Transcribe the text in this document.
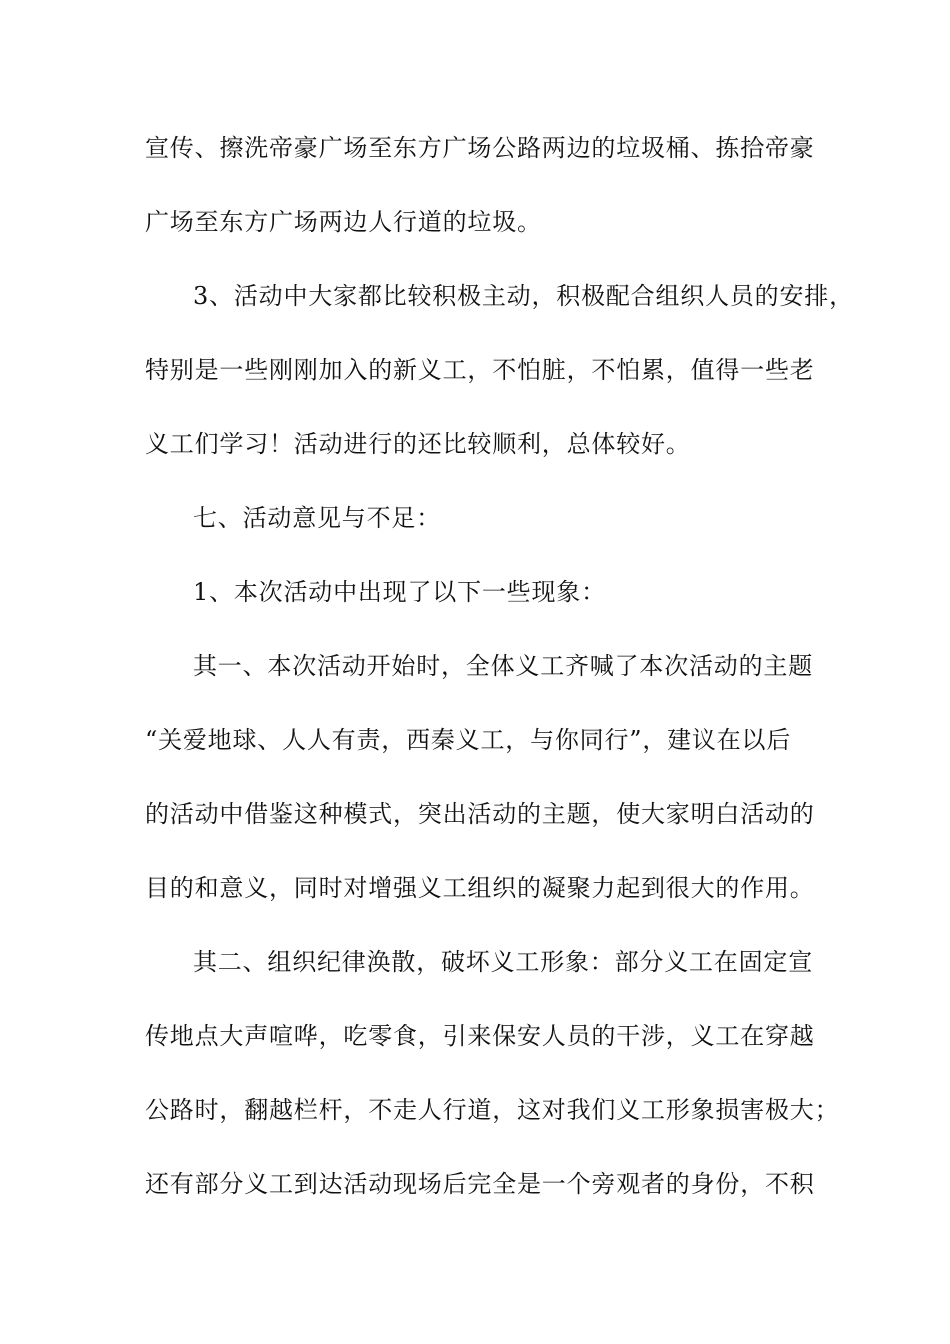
宣传、擦洗帝豪广场至东方广场公路两边的垃圾桶、拣拾帝豪
广场至东方广场两边人行道的垃圾。
3、活动中大家都比较积极主动，积极配合组织人员的安排，
特别是一些刚刚加入的新义工，不怕脏，不怕累，值得一些老
义工们学习！活动进行的还比较顺利，总体较好。
七、活动意见与不足：
1、本次活动中出现了以下一些现象：
其一、本次活动开始时，全体义工齐喊了本次活动的主题
“关爱地球、人人有责，西秦义工，与你同行”，建议在以后
的活动中借鉴这种模式，突出活动的主题，使大家明白活动的
目的和意义，同时对增强义工组织的凝聚力起到很大的作用。
其二、组织纪律涣散，破坏义工形象：部分义工在固定宣
传地点大声喧哗，吃零食，引来保安人员的干涉，义工在穿越
公路时，翻越栏杆，不走人行道，这对我们义工形象损害极大；
还有部分义工到达活动现场后完全是一个旁观者的身份，不积
